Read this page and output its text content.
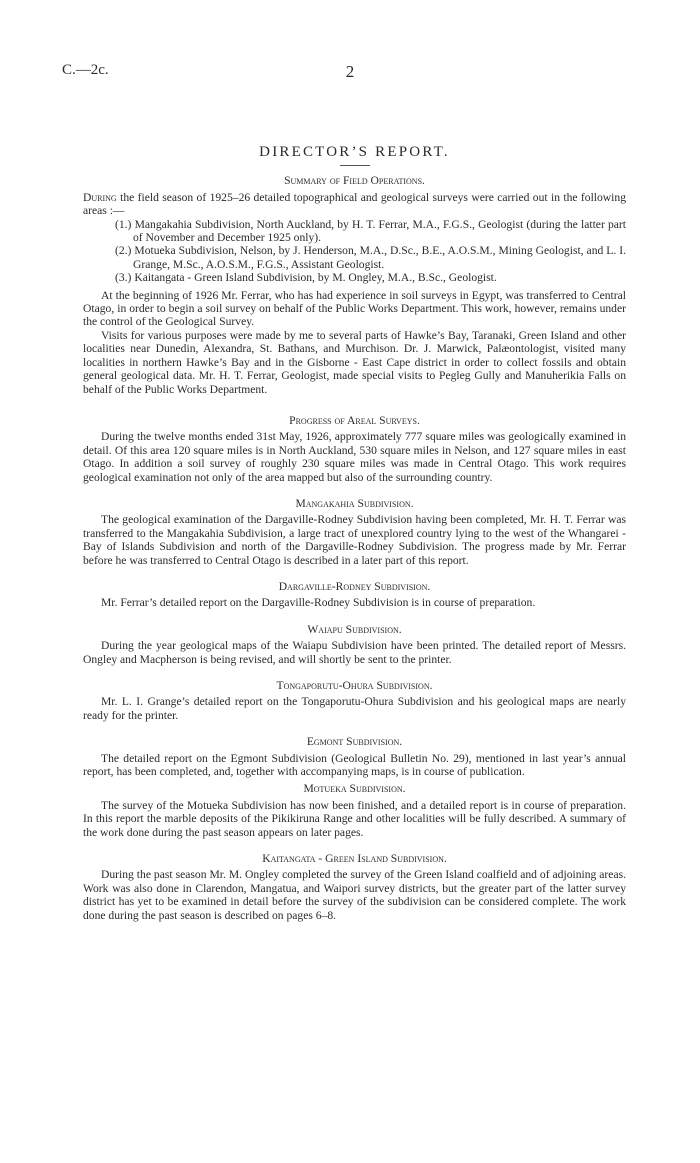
C.—2c.	2
DIRECTOR’S REPORT.
Summary of Field Operations.

During the field season of 1925–26 detailed topographical and geological surveys were carried out in the following areas :—

(1.) Mangakahia Subdivision, North Auckland, by H. T. Ferrar, M.A., F.G.S., Geologist (during the latter part of November and December 1925 only).
(2.) Motueka Subdivision, Nelson, by J. Henderson, M.A., D.Sc., B.E., A.O.S.M., Mining Geologist, and L. I. Grange, M.Sc., A.O.S.M., F.G.S., Assistant Geologist.
(3.) Kaitangata - Green Island Subdivision, by M. Ongley, M.A., B.Sc., Geologist.

At the beginning of 1926 Mr. Ferrar, who has had experience in soil surveys in Egypt, was transferred to Central Otago, in order to begin a soil survey on behalf of the Public Works Department. This work, however, remains under the control of the Geological Survey.

Visits for various purposes were made by me to several parts of Hawke’s Bay, Taranaki, Green Island and other localities near Dunedin, Alexandra, St. Bathans, and Murchison. Dr. J. Marwick, Palæontologist, visited many localities in northern Hawke’s Bay and in the Gisborne - East Cape district in order to collect fossils and obtain general geological data. Mr. H. T. Ferrar, Geologist, made special visits to Pegleg Gully and Manuherikia Falls on behalf of the Public Works Department.

Progress of Areal Surveys.

During the twelve months ended 31st May, 1926, approximately 777 square miles was geologically examined in detail. Of this area 120 square miles is in North Auckland, 530 square miles in Nelson, and 127 square miles in east Otago. In addition a soil survey of roughly 230 square miles was made in Central Otago. This work requires geological examination not only of the area mapped but also of the surrounding country.

Mangakahia Subdivision.

The geological examination of the Dargaville-Rodney Subdivision having been completed, Mr. H. T. Ferrar was transferred to the Mangakahia Subdivision, a large tract of unexplored country lying to the west of the Whangarei - Bay of Islands Subdivision and north of the Dargaville-Rodney Subdivision. The progress made by Mr. Ferrar before he was transferred to Central Otago is described in a later part of this report.

Dargaville-Rodney Subdivision.

Mr. Ferrar’s detailed report on the Dargaville-Rodney Subdivision is in course of preparation.

Waiapu Subdivision.

During the year geological maps of the Waiapu Subdivision have been printed. The detailed report of Messrs. Ongley and Macpherson is being revised, and will shortly be sent to the printer.

Tongaporutu-Ohura Subdivision.

Mr. L. I. Grange’s detailed report on the Tongaporutu-Ohura Subdivision and his geological maps are nearly ready for the printer.

Egmont Subdivision.

The detailed report on the Egmont Subdivision (Geological Bulletin No. 29), mentioned in last year’s annual report, has been completed, and, together with accompanying maps, is in course of publication.

Motueka Subdivision.

The survey of the Motueka Subdivision has now been finished, and a detailed report is in course of preparation. In this report the marble deposits of the Pikikiruna Range and other localities will be fully described. A summary of the work done during the past season appears on later pages.

Kaitangata - Green Island Subdivision.

During the past season Mr. M. Ongley completed the survey of the Green Island coalfield and of adjoining areas. Work was also done in Clarendon, Mangatua, and Waipori survey districts, but the greater part of the latter survey district has yet to be examined in detail before the survey of the subdivision can be considered complete. The work done during the past season is described on pages 6–8.
